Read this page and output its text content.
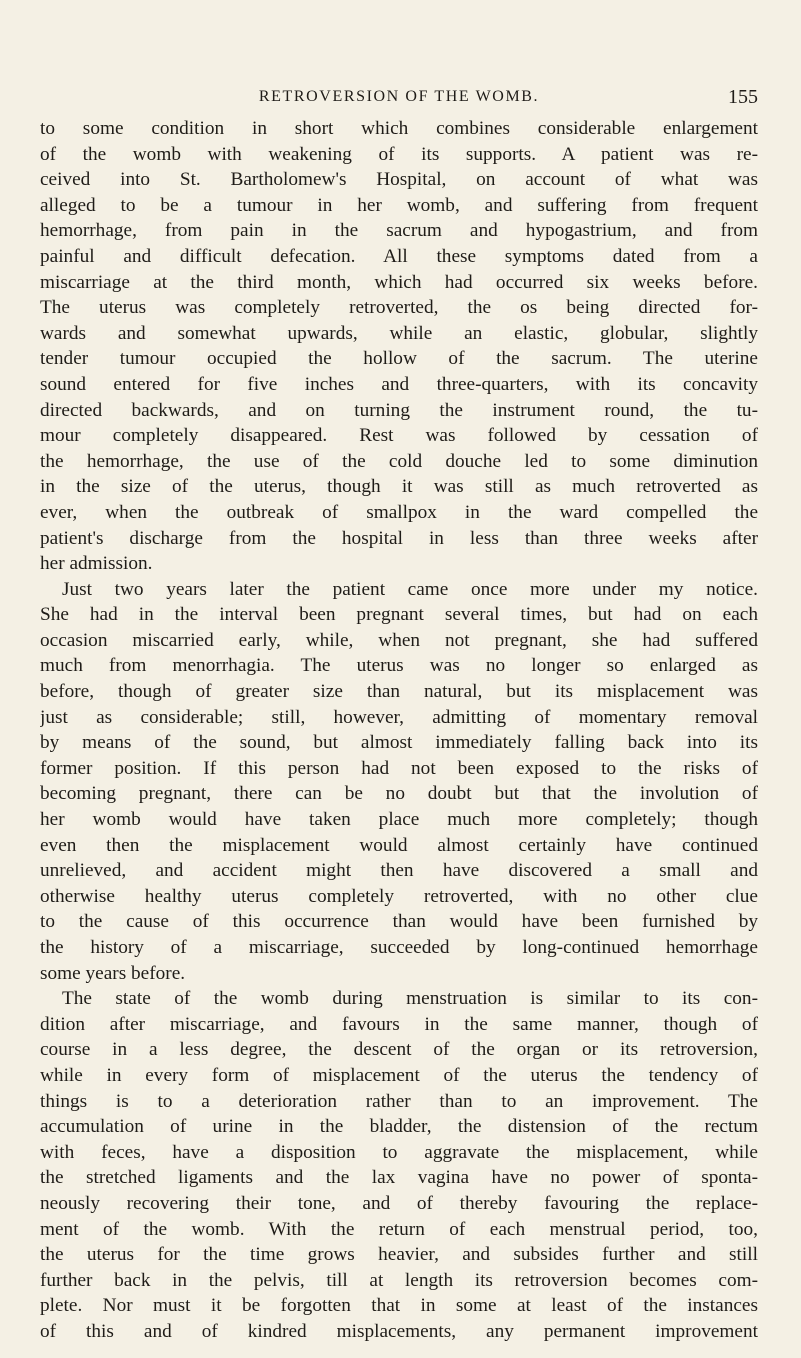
RETROVERSION OF THE WOMB.	155
to some condition in short which combines considerable enlargement
of the womb with weakening of its supports. A patient was re-
ceived into St. Bartholomew's Hospital, on account of what was
alleged to be a tumour in her womb, and suffering from frequent
hemorrhage, from pain in the sacrum and hypogastrium, and from
painful and difficult defecation. All these symptoms dated from a
miscarriage at the third month, which had occurred six weeks before.
The uterus was completely retroverted, the os being directed for-
wards and somewhat upwards, while an elastic, globular, slightly
tender tumour occupied the hollow of the sacrum. The uterine
sound entered for five inches and three-quarters, with its concavity
directed backwards, and on turning the instrument round, the tu-
mour completely disappeared. Rest was followed by cessation of
the hemorrhage, the use of the cold douche led to some diminution
in the size of the uterus, though it was still as much retroverted as
ever, when the outbreak of smallpox in the ward compelled the
patient's discharge from the hospital in less than three weeks after
her admission.
Just two years later the patient came once more under my notice.
She had in the interval been pregnant several times, but had on each
occasion miscarried early, while, when not pregnant, she had suffered
much from menorrhagia. The uterus was no longer so enlarged as
before, though of greater size than natural, but its misplacement was
just as considerable; still, however, admitting of momentary removal
by means of the sound, but almost immediately falling back into its
former position. If this person had not been exposed to the risks of
becoming pregnant, there can be no doubt but that the involution of
her womb would have taken place much more completely; though
even then the misplacement would almost certainly have continued
unrelieved, and accident might then have discovered a small and
otherwise healthy uterus completely retroverted, with no other clue
to the cause of this occurrence than would have been furnished by
the history of a miscarriage, succeeded by long-continued hemorrhage
some years before.
The state of the womb during menstruation is similar to its con-
dition after miscarriage, and favours in the same manner, though of
course in a less degree, the descent of the organ or its retroversion,
while in every form of misplacement of the uterus the tendency of
things is to a deterioration rather than to an improvement. The
accumulation of urine in the bladder, the distension of the rectum
with feces, have a disposition to aggravate the misplacement, while
the stretched ligaments and the lax vagina have no power of sponta-
neously recovering their tone, and of thereby favouring the replace-
ment of the womb. With the return of each menstrual period, too,
the uterus for the time grows heavier, and subsides further and still
further back in the pelvis, till at length its retroversion becomes com-
plete. Nor must it be forgotten that in some at least of the instances
of this and of kindred misplacements, any permanent improvement
